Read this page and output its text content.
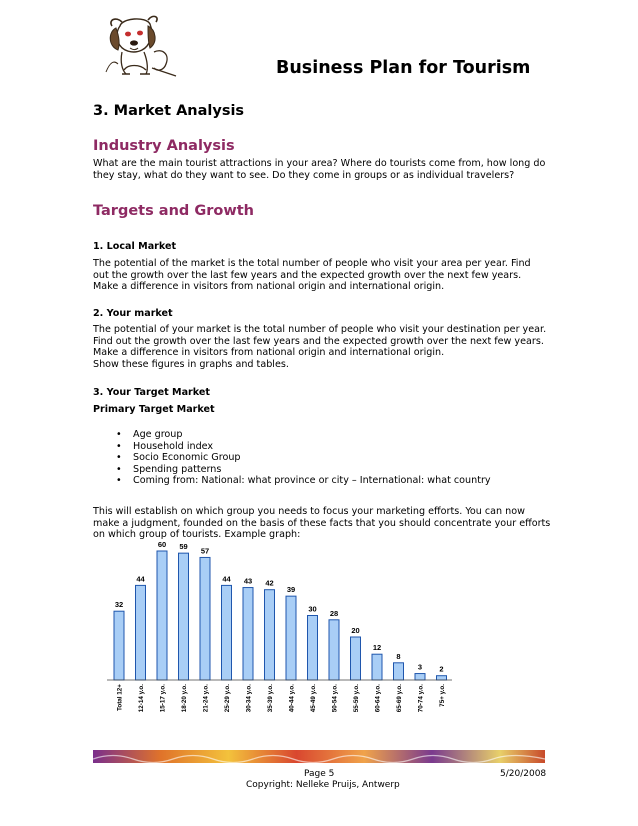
Business Plan for Tourism
3. Market Analysis
Industry Analysis
What are the main tourist attractions in your area? Where do tourists come from, how long do
they stay, what do they want to see. Do they come in groups or as individual travelers?
Targets and Growth
1. Local Market
The potential of the market is the total number of people who visit your area per year. Find
out the growth over the last few years and the expected growth over the next few years.
Make a difference in visitors from national origin and international origin.
2. Your market
The potential of your market is the total number of people who visit your destination per year.
Find out the growth over the last few years and the expected growth over the next few years.
Make a difference in visitors from national origin and international origin.
Show these figures in graphs and tables.
3. Your Target Market
Primary Target Market
• Age group
• Household index
• Socio Economic Group
• Spending patterns
• Coming from: National: what province or city – International: what country
This will establish on which group you needs to focus your marketing efforts. You can now
make a judgment, founded on the basis of these facts that you should concentrate your efforts
on which group of tourists. Example graph:
32
Total 12+
44
12-14 y.o.
60
15-17 y.o.
59
18-20 y.o.
57
21-24 y.o.
44
25-29 y.o.
43
30-34 y.o.
42
35-39 y.o.
39
40-44 y.o.
30
45-49 y.o.
28
50-54 y.o.
20
55-59 y.o.
12
60-64 y.o.
8
65-69 y.o.
3
70-74 y.o.
2
75+ y.o.
Page 5	5/20/2008
Copyright: Nelleke Pruijs, Antwerp
